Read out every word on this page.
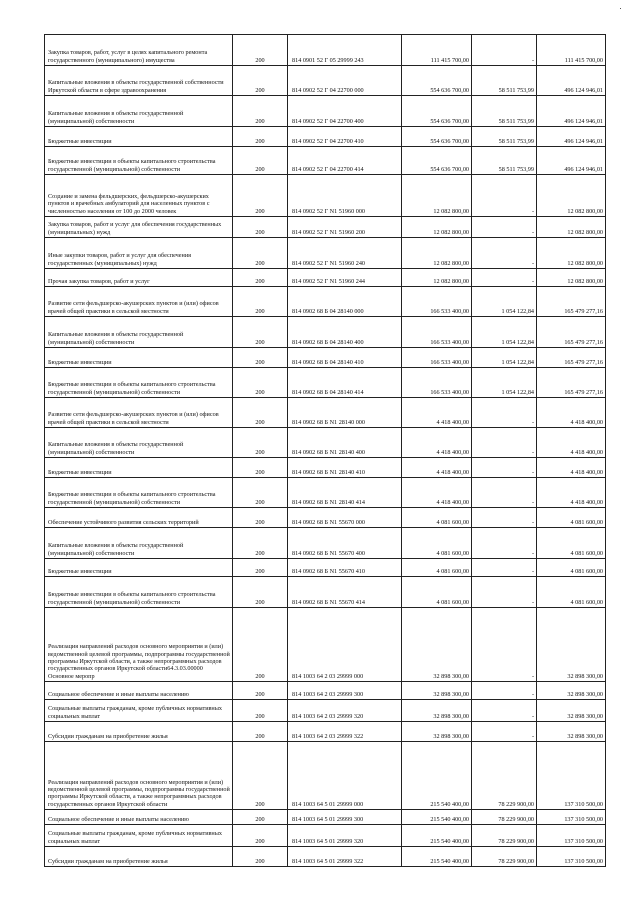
Закупка товаров, работ, услуг в целях капитального ремонта государственного (муниципального) имущества	200	814 0901 52 Г 05 29999 243	111 415 700,00	-	111 415 700,00
Капитальные вложения в объекты государственной собственности Иркутской области в сфере здравоохранения	200	814 0902 52 Г 04 22700 000	554 636 700,00	58 511 753,99	496 124 946,01
Капитальные вложения в объекты государственной (муниципальной) собственности	200	814 0902 52 Г 04 22700 400	554 636 700,00	58 511 753,99	496 124 946,01
Бюджетные инвестиции	200	814 0902 52 Г 04 22700 410	554 636 700,00	58 511 753,99	496 124 946,01
Бюджетные инвестиции в объекты капитального строительства государственной (муниципальной) собственности	200	814 0902 52 Г 04 22700 414	554 636 700,00	58 511 753,99	496 124 946,01
Создание и замена фельдшерских, фельдшерско-акушерских пунктов и врачебных амбулаторий для населенных пунктов с численностью населения от 100 до 2000 человек	200	814 0902 52 Г N1 51960 000	12 082 800,00	-	12 082 800,00
Закупка товаров, работ и услуг для обеспечения государственных (муниципальных) нужд	200	814 0902 52 Г N1 51960 200	12 082 800,00	-	12 082 800,00
Иные закупки товаров, работ и услуг для обеспечения государственных (муниципальных) нужд	200	814 0902 52 Г N1 51960 240	12 082 800,00	-	12 082 800,00
Прочая закупка товаров, работ и услуг	200	814 0902 52 Г N1 51960 244	12 082 800,00	-	12 082 800,00
Развитие сети фельдшерско-акушерских пунктов и (или) офисов врачей общей практики в сельской местности	200	814 0902 68 Б 04 28140 000	166 533 400,00	1 054 122,84	165 479 277,16
Капитальные вложения в объекты государственной (муниципальной) собственности	200	814 0902 68 Б 04 28140 400	166 533 400,00	1 054 122,84	165 479 277,16
Бюджетные инвестиции	200	814 0902 68 Б 04 28140 410	166 533 400,00	1 054 122,84	165 479 277,16
Бюджетные инвестиции в объекты капитального строительства государственной (муниципальной) собственности	200	814 0902 68 Б 04 28140 414	166 533 400,00	1 054 122,84	165 479 277,16
Развитие сети фельдшерско-акушерских пунктов и (или) офисов врачей общей практики в сельской местности	200	814 0902 68 Б N1 28140 000	4 418 400,00	-	4 418 400,00
Капитальные вложения в объекты государственной (муниципальной) собственности	200	814 0902 68 Б N1 28140 400	4 418 400,00	-	4 418 400,00
Бюджетные инвестиции	200	814 0902 68 Б N1 28140 410	4 418 400,00	-	4 418 400,00
Бюджетные инвестиции в объекты капитального строительства государственной (муниципальной) собственности	200	814 0902 68 Б N1 28140 414	4 418 400,00	-	4 418 400,00
Обеспечение устойчивого развития сельских территорий	200	814 0902 68 Б N1 55670 000	4 081 600,00	-	4 081 600,00
Капитальные вложения в объекты государственной (муниципальной) собственности	200	814 0902 68 Б N1 55670 400	4 081 600,00	-	4 081 600,00
Бюджетные инвестиции	200	814 0902 68 Б N1 55670 410	4 081 600,00	-	4 081 600,00
Бюджетные инвестиции в объекты капитального строительства государственной (муниципальной) собственности	200	814 0902 68 Б N1 55670 414	4 081 600,00	-	4 081 600,00
Реализация направлений расходов основного мероприятия и (или) ведомственной целевой программы, подпрограммы государственной программы Иркутской области, а также непрограммных расходов государственных органов Иркутской области64.3.03.00000 Основное меропр	200	814 1003 64 2 03 29999 000	32 898 300,00	-	32 898 300,00
Социальное обеспечение и иные выплаты населению	200	814 1003 64 2 03 29999 300	32 898 300,00	-	32 898 300,00
Социальные выплаты гражданам, кроме публичных нормативных социальных выплат	200	814 1003 64 2 03 29999 320	32 898 300,00	-	32 898 300,00
Субсидии гражданам на приобретение жилья	200	814 1003 64 2 03 29999 322	32 898 300,00	-	32 898 300,00
Реализация направлений расходов основного мероприятия и (или) ведомственной целевой программы, подпрограммы государственной программы Иркутской области, а также непрограммных расходов государственных органов Иркутской области	200	814 1003 64 5 01 29999 000	215 540 400,00	78 229 900,00	137 310 500,00
Социальное обеспечение и иные выплаты населению	200	814 1003 64 5 01 29999 300	215 540 400,00	78 229 900,00	137 310 500,00
Социальные выплаты гражданам, кроме публичных нормативных социальных выплат	200	814 1003 64 5 01 29999 320	215 540 400,00	78 229 900,00	137 310 500,00
Субсидии гражданам на приобретение жилья	200	814 1003 64 5 01 29999 322	215 540 400,00	78 229 900,00	137 310 500,00
